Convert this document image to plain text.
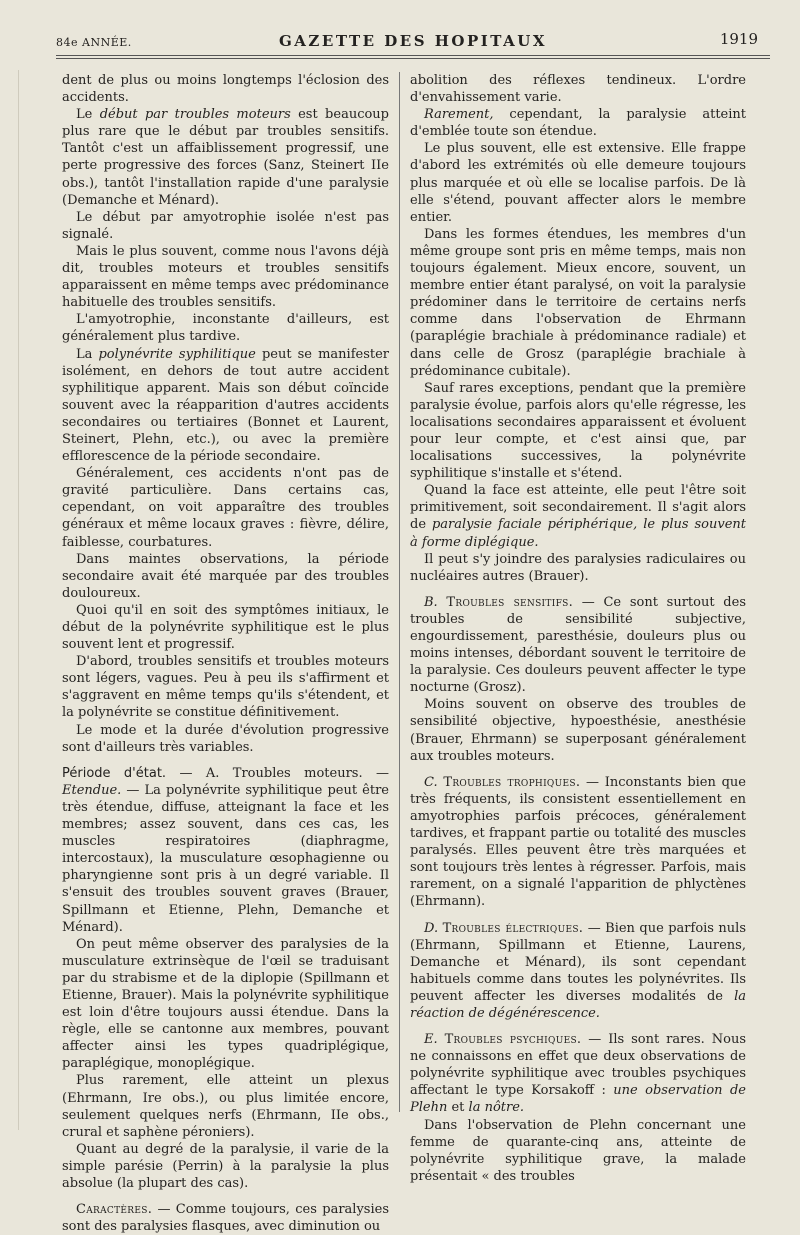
84e ANNÉE.	GAZETTE DES HOPITAUX	1919

dent de plus ou moins longtemps l'éclosion des accidents.

Le début par troubles moteurs est beaucoup plus rare que le début par troubles sensitifs. Tantôt c'est un affaiblissement progressif, une perte progressive des forces (Sanz, Steinert IIe obs.), tantôt l'installation rapide d'une paralysie (Demanche et Ménard).

Le début par amyotrophie isolée n'est pas signalé.

Mais le plus souvent, comme nous l'avons déjà dit, troubles moteurs et troubles sensitifs apparaissent en même temps avec prédominance habituelle des troubles sensitifs.

L'amyotrophie, inconstante d'ailleurs, est généralement plus tardive.

La polynévrite syphilitique peut se manifester isolément, en dehors de tout autre accident syphilitique apparent. Mais son début coïncide souvent avec la réapparition d'autres accidents secondaires ou tertiaires (Bonnet et Laurent, Steinert, Plehn, etc.), ou avec la première efflorescence de la période secondaire.

Généralement, ces accidents n'ont pas de gravité particulière. Dans certains cas, cependant, on voit apparaître des troubles généraux et même locaux graves : fièvre, délire, faiblesse, courbatures.

Dans maintes observations, la période secondaire avait été marquée par des troubles douloureux.

Quoi qu'il en soit des symptômes initiaux, le début de la polynévrite syphilitique est le plus souvent lent et progressif.

D'abord, troubles sensitifs et troubles moteurs sont légers, vagues. Peu à peu ils s'affirment et s'aggravent en même temps qu'ils s'étendent, et la polynévrite se constitue définitivement.

Le mode et la durée d'évolution progressive sont d'ailleurs très variables.

Période d'état. — A. Troubles moteurs. — Etendue. — La polynévrite syphilitique peut être très étendue, diffuse, atteignant la face et les membres; assez souvent, dans ces cas, les muscles respiratoires (diaphragme, intercostaux), la musculature œsophagienne ou pharyngienne sont pris à un degré variable. Il s'ensuit des troubles souvent graves (Brauer, Spillmann et Etienne, Plehn, Demanche et Ménard).

On peut même observer des paralysies de la musculature extrinsèque de l'œil se traduisant par du strabisme et de la diplopie (Spillmann et Etienne, Brauer). Mais la polynévrite syphilitique est loin d'être toujours aussi étendue. Dans la règle, elle se cantonne aux membres, pouvant affecter ainsi les types quadriplégique, paraplégique, monoplégique.

Plus rarement, elle atteint un plexus (Ehrmann, Ire obs.), ou plus limitée encore, seulement quelques nerfs (Ehrmann, IIe obs., crural et saphène péroniers).

Quant au degré de la paralysie, il varie de la simple parésie (Perrin) à la paralysie la plus absolue (la plupart des cas).

Caractères. — Comme toujours, ces paralysies sont des paralysies flasques, avec diminution ou

abolition des réflexes tendineux. L'ordre d'envahissement varie.

Rarement, cependant, la paralysie atteint d'emblée toute son étendue.

Le plus souvent, elle est extensive. Elle frappe d'abord les extrémités où elle demeure toujours plus marquée et où elle se localise parfois. De là elle s'étend, pouvant affecter alors le membre entier.

Dans les formes étendues, les membres d'un même groupe sont pris en même temps, mais non toujours également. Mieux encore, souvent, un membre entier étant paralysé, on voit la paralysie prédominer dans le territoire de certains nerfs comme dans l'observation de Ehrmann (paraplégie brachiale à prédominance radiale) et dans celle de Grosz (paraplégie brachiale à prédominance cubitale).

Sauf rares exceptions, pendant que la première paralysie évolue, parfois alors qu'elle régresse, les localisations secondaires apparaissent et évoluent pour leur compte, et c'est ainsi que, par localisations successives, la polynévrite syphilitique s'installe et s'étend.

Quand la face est atteinte, elle peut l'être soit primitivement, soit secondairement. Il s'agit alors de paralysie faciale périphérique, le plus souvent à forme diplégique.

Il peut s'y joindre des paralysies radiculaires ou nucléaires autres (Brauer).

B. Troubles sensitifs. — Ce sont surtout des troubles de sensibilité subjective, engourdissement, paresthésie, douleurs plus ou moins intenses, débordant souvent le territoire de la paralysie. Ces douleurs peuvent affecter le type nocturne (Grosz).

Moins souvent on observe des troubles de sensibilité objective, hypoesthésie, anesthésie (Brauer, Ehrmann) se superposant généralement aux troubles moteurs.

C. Troubles trophiques. — Inconstants bien que très fréquents, ils consistent essentiellement en amyotrophies parfois précoces, généralement tardives, et frappant partie ou totalité des muscles paralysés. Elles peuvent être très marquées et sont toujours très lentes à régresser. Parfois, mais rarement, on a signalé l'apparition de phlyctènes (Ehrmann).

D. Troubles électriques. — Bien que parfois nuls (Ehrmann, Spillmann et Etienne, Laurens, Demanche et Ménard), ils sont cependant habituels comme dans toutes les polynévrites. Ils peuvent affecter les diverses modalités de la réaction de dégénérescence.

E. Troubles psychiques. — Ils sont rares. Nous ne connaissons en effet que deux observations de polynévrite syphilitique avec troubles psychiques affectant le type Korsakoff : une observation de Plehn et la nôtre.

Dans l'observation de Plehn concernant une femme de quarante-cinq ans, atteinte de polynévrite syphilitique grave, la malade présentait « des troubles
